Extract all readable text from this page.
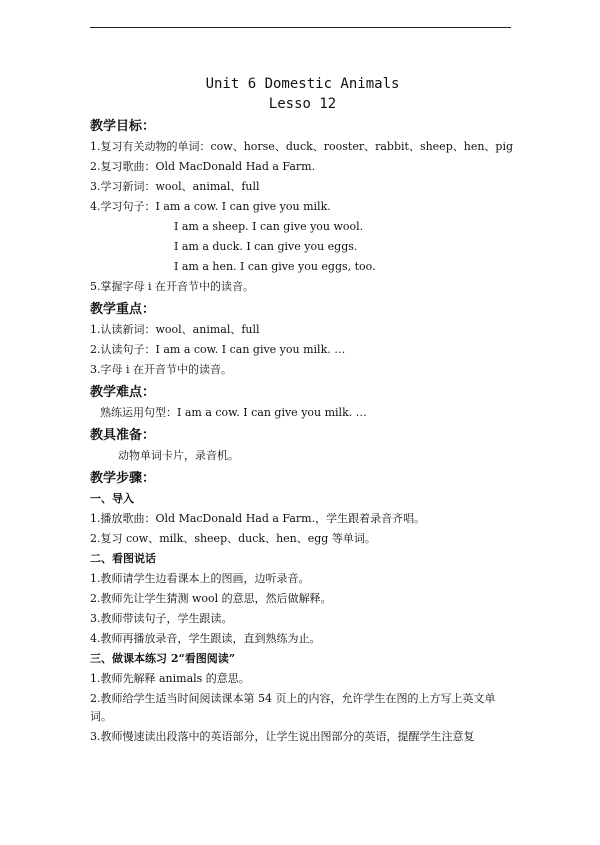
Unit 6 Domestic Animals
Lesso 12
教学目标：
1.复习有关动物的单词：cow、horse、duck、rooster、rabbit、sheep、hen、pig
2.复习歌曲：Old MacDonald Had a Farm.
3.学习新词：wool、animal、full
4.学习句子：I am a cow. I can give you milk.
I am a sheep. I can give you wool.
I am a duck. I can give you eggs.
I am a hen. I can give you eggs, too.
5.掌握字母 i 在开音节中的读音。
教学重点：
1.认读新词：wool、animal、full
2.认读句子：I am a cow. I can give you milk. …
3.字母 i 在开音节中的读音。
教学难点：
熟练运用句型：I am a cow. I can give you milk. …
教具准备：
动物单词卡片，录音机。
教学步骤：
一、导入
1.播放歌曲：Old MacDonald Had a Farm.，学生跟着录音齐唱。
2.复习 cow、milk、sheep、duck、hen、egg 等单词。
二、看图说话
1.教师请学生边看课本上的图画，边听录音。
2.教师先让学生猜测 wool 的意思，然后做解释。
3.教师带读句子，学生跟读。
4.教师再播放录音，学生跟读，直到熟练为止。
三、做课本练习 2“看图阅读”
1.教师先解释 animals 的意思。
2.教师给学生适当时间阅读课本第 54 页上的内容，允许学生在图的上方写上英文单词。
3.教师慢速读出段落中的英语部分，让学生说出图部分的英语，提醒学生注意复
